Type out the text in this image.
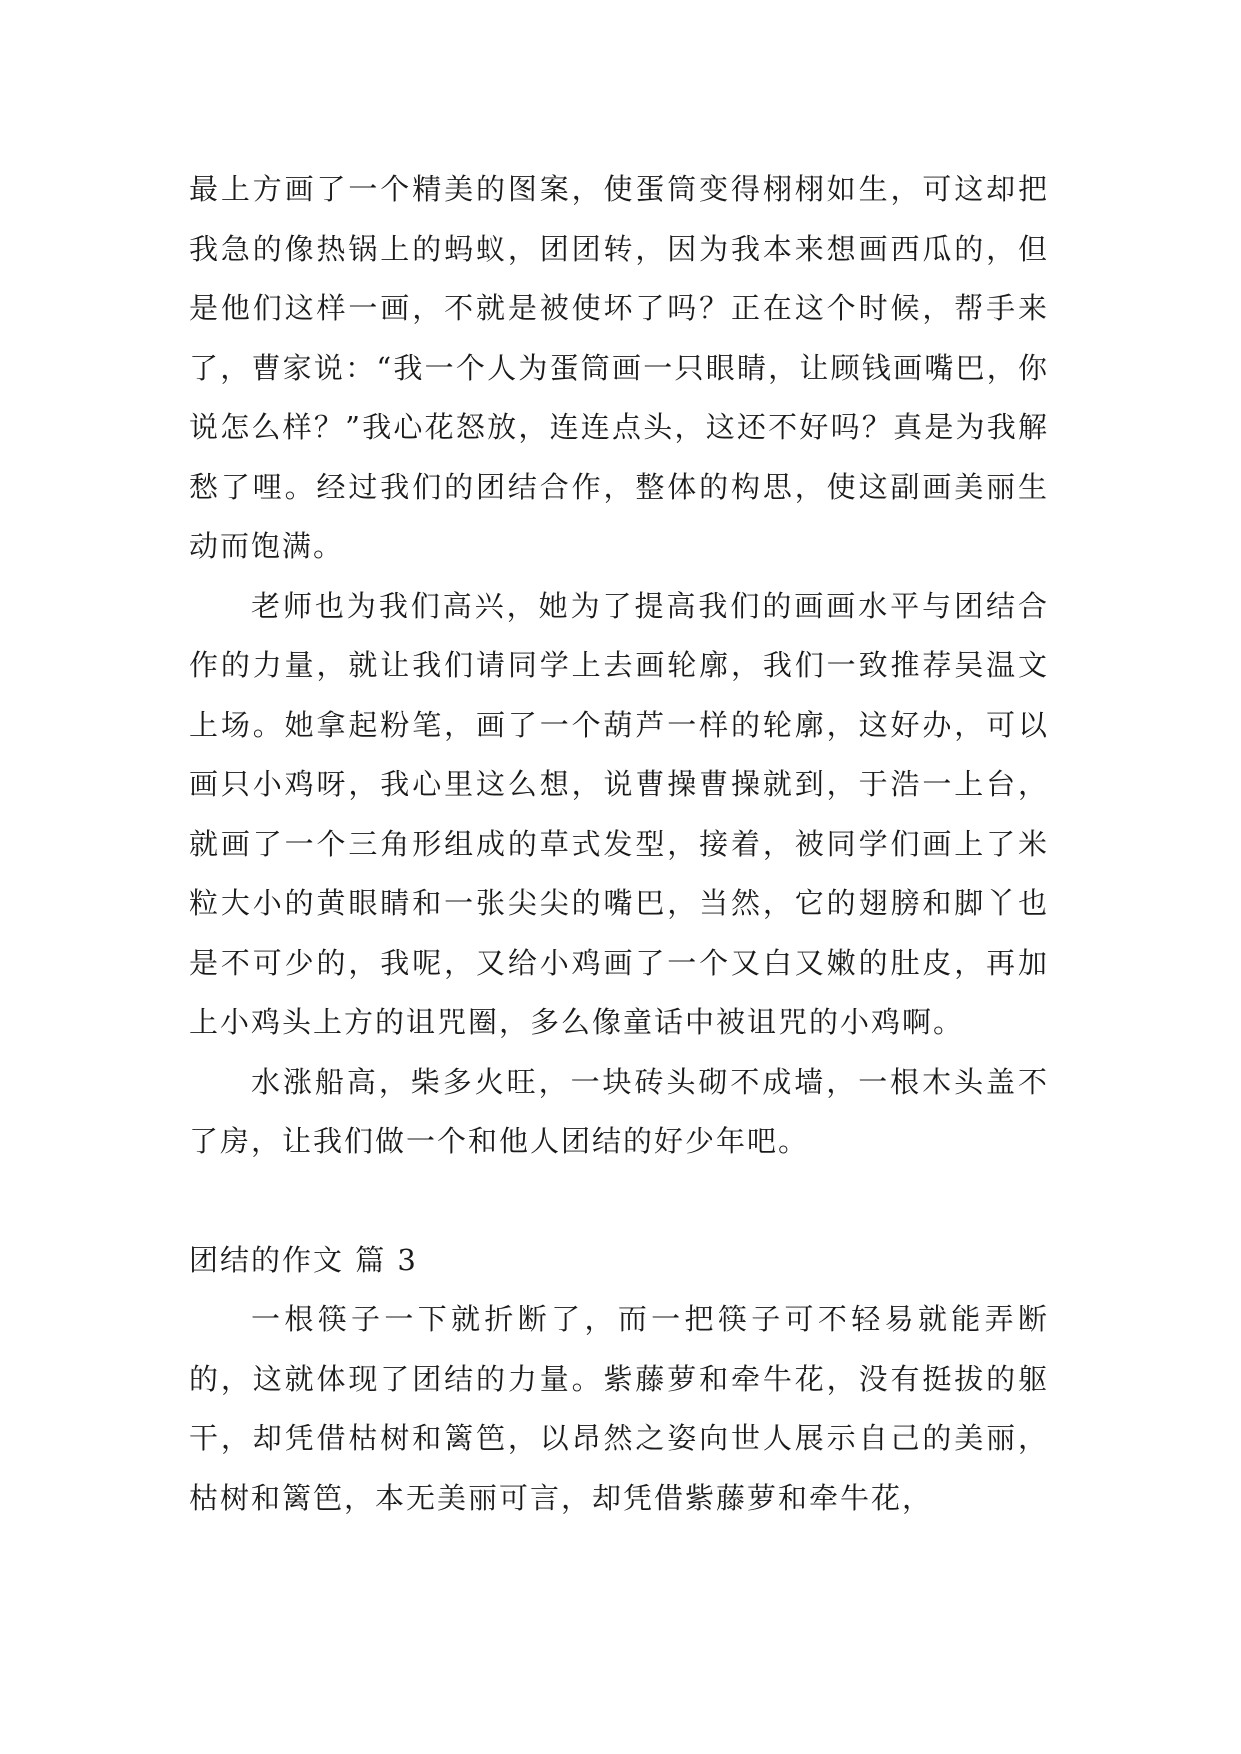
最上方画了一个精美的图案，使蛋筒变得栩栩如生，可这却把我急的像热锅上的蚂蚁，团团转，因为我本来想画西瓜的，但是他们这样一画，不就是被使坏了吗？正在这个时候，帮手来了，曹家说：“我一个人为蛋筒画一只眼睛，让顾钱画嘴巴，你说怎么样？”我心花怒放，连连点头，这还不好吗？真是为我解愁了哩。经过我们的团结合作，整体的构思，使这副画美丽生动而饱满。

老师也为我们高兴，她为了提高我们的画画水平与团结合作的力量，就让我们请同学上去画轮廓，我们一致推荐吴温文上场。她拿起粉笔，画了一个葫芦一样的轮廓，这好办，可以画只小鸡呀，我心里这么想，说曹操曹操就到，于浩一上台，就画了一个三角形组成的草式发型，接着，被同学们画上了米粒大小的黄眼睛和一张尖尖的嘴巴，当然，它的翅膀和脚丫也是不可少的，我呢，又给小鸡画了一个又白又嫩的肚皮，再加上小鸡头上方的诅咒圈，多么像童话中被诅咒的小鸡啊。

水涨船高，柴多火旺，一块砖头砌不成墙，一根木头盖不了房，让我们做一个和他人团结的好少年吧。

团结的作文 篇 3

一根筷子一下就折断了，而一把筷子可不轻易就能弄断的，这就体现了团结的力量。紫藤萝和牵牛花，没有挺拔的躯干，却凭借枯树和篱笆，以昂然之姿向世人展示自己的美丽，枯树和篱笆，本无美丽可言，却凭借紫藤萝和牵牛花，
